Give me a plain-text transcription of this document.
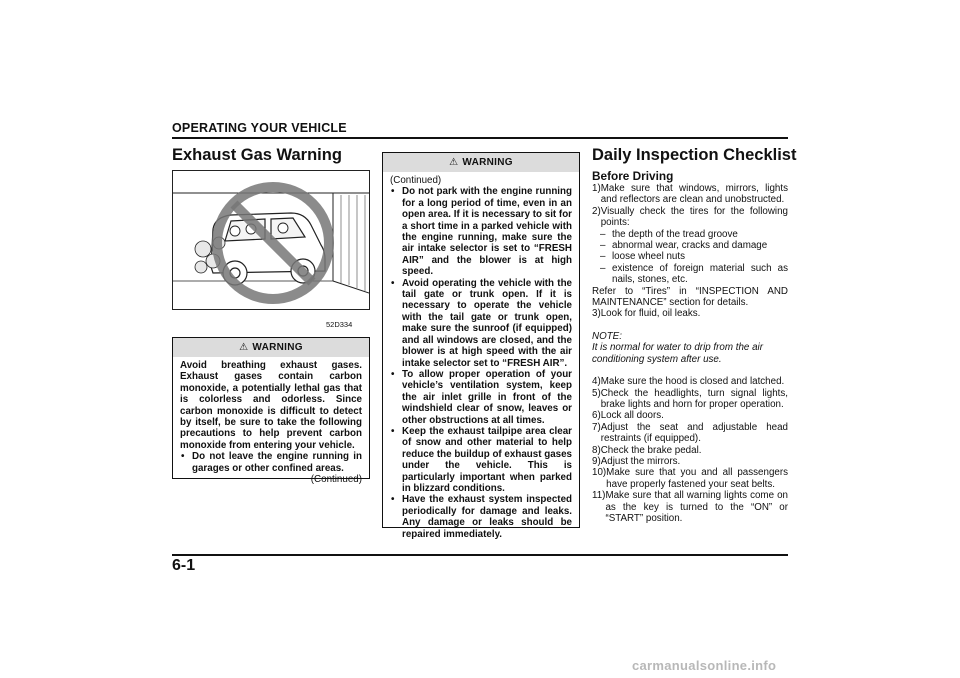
OPERATING YOUR VEHICLE
Exhaust Gas Warning
52D334
⚠ WARNING

Avoid breathing exhaust gases. Exhaust gases contain carbon monoxide, a potentially lethal gas that is colorless and odorless. Since carbon monoxide is difficult to detect by itself, be sure to take the following precautions to help prevent carbon monoxide from entering your vehicle.

• Do not leave the engine running in garages or other confined areas.

(Continued)

⚠ WARNING

(Continued)

• Do not park with the engine running for a long period of time, even in an open area. If it is necessary to sit for a short time in a parked vehicle with the engine running, make sure the air intake selector is set to “FRESH AIR” and the blower is at high speed.
• Avoid operating the vehicle with the tail gate or trunk open. If it is necessary to operate the vehicle with the tail gate or trunk open, make sure the sunroof (if equipped) and all windows are closed, and the blower is at high speed with the air intake selector set to “FRESH AIR”.
• To allow proper operation of your vehicle’s ventilation system, keep the air inlet grille in front of the windshield clear of snow, leaves or other obstructions at all times.
• Keep the exhaust tailpipe area clear of snow and other material to help reduce the buildup of exhaust gases under the vehicle. This is particularly important when parked in blizzard conditions.
• Have the exhaust system inspected periodically for damage and leaks. Any damage or leaks should be repaired immediately.
Daily Inspection Checklist
Before Driving
1) Make sure that windows, mirrors, lights and reflectors are clean and unobstructed.
2) Visually check the tires for the following points:
– the depth of the tread groove
– abnormal wear, cracks and damage
– loose wheel nuts
– existence of foreign material such as nails, stones, etc.
Refer to “Tires” in “INSPECTION AND MAINTENANCE” section for details.
3) Look for fluid, oil leaks.
NOTE:
It is normal for water to drip from the air conditioning system after use.
4) Make sure the hood is closed and latched.
5) Check the headlights, turn signal lights, brake lights and horn for proper operation.
6) Lock all doors.
7) Adjust the seat and adjustable head restraints (if equipped).
8) Check the brake pedal.
9) Adjust the mirrors.
10) Make sure that you and all passengers have properly fastened your seat belts.
11) Make sure that all warning lights come on as the key is turned to the “ON” or “START” position.
6-1
carmanualsonline.info
